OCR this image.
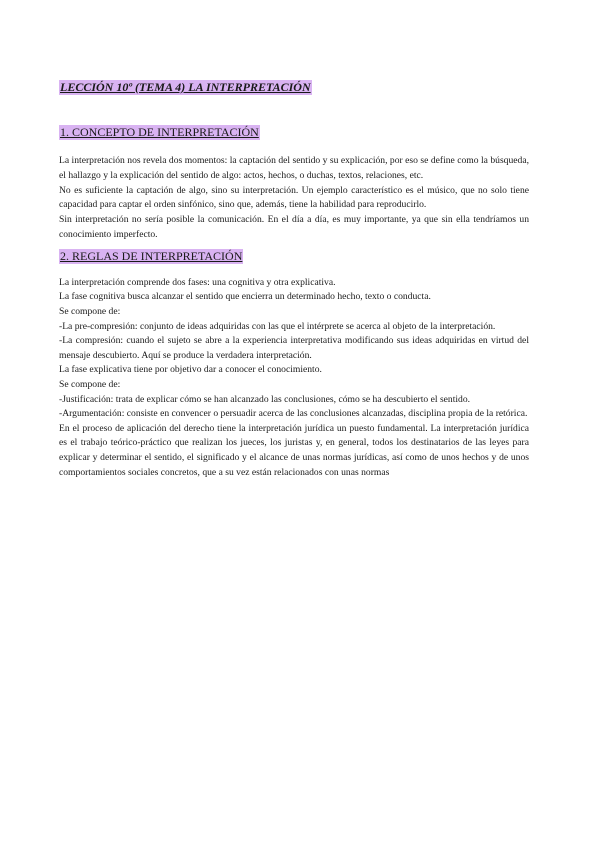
LECCIÓN 10º (TEMA 4) LA INTERPRETACIÓN
1. CONCEPTO DE INTERPRETACIÓN

La interpretación nos revela dos momentos: la captación del sentido y su explicación, por eso se define como la búsqueda, el hallazgo y la explicación del sentido de algo: actos, hechos, o duchas, textos, relaciones, etc.

No es suficiente la captación de algo, sino su interpretación. Un ejemplo característico es el músico, que no solo tiene capacidad para captar el orden sinfónico, sino que, además, tiene la habilidad para reproducirlo.

Sin interpretación no sería posible la comunicación. En el día a día, es muy importante, ya que sin ella tendríamos un conocimiento imperfecto.

2. REGLAS DE INTERPRETACIÓN

La interpretación comprende dos fases: una cognitiva y otra explicativa.

La fase cognitiva busca alcanzar el sentido que encierra un determinado hecho, texto o conducta.

Se compone de:

-La pre-compresión: conjunto de ideas adquiridas con las que el intérprete se acerca al objeto de la interpretación.

-La compresión: cuando el sujeto se abre a la experiencia interpretativa modificando sus ideas adquiridas en virtud del mensaje descubierto. Aquí se produce la verdadera interpretación.

La fase explicativa tiene por objetivo dar a conocer el conocimiento.

Se compone de:

-Justificación: trata de explicar cómo se han alcanzado las conclusiones, cómo se ha descubierto el sentido.

-Argumentación: consiste en convencer o persuadir acerca de las conclusiones alcanzadas, disciplina propia de la retórica.

En el proceso de aplicación del derecho tiene la interpretación jurídica un puesto fundamental. La interpretación jurídica es el trabajo teórico-práctico que realizan los jueces, los juristas y, en general, todos los destinatarios de las leyes para explicar y determinar el sentido, el significado y el alcance de unas normas jurídicas, así como de unos hechos y de unos comportamientos sociales concretos, que a su vez están relacionados con unas normas
